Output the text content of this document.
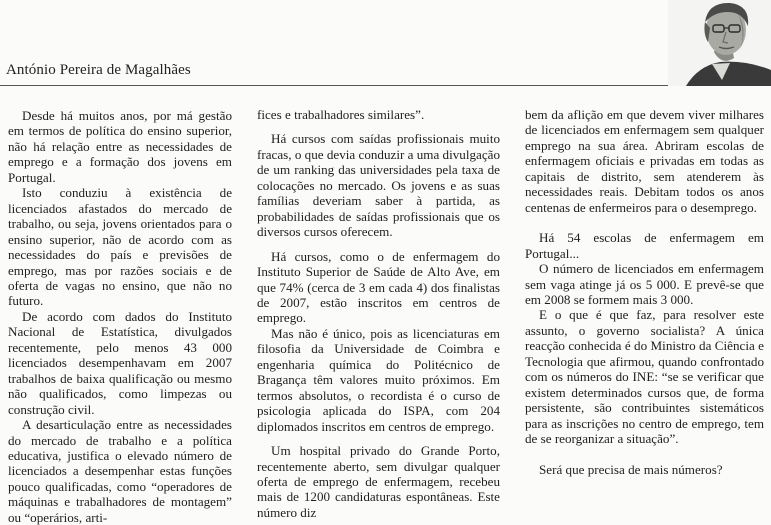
António Pereira de Magalhães

Desde há muitos anos, por má gestão em termos de política do ensino superior, não há relação entre as necessidades de emprego e a formação dos jovens em Portugal.

Isto conduziu à existência de licenciados afastados do mercado de trabalho, ou seja, jovens orientados para o ensino superior, não de acordo com as necessidades do país e previsões de emprego, mas por razões sociais e de oferta de vagas no ensino, que não no futuro.

De acordo com dados do Instituto Nacional de Estatística, divulgados recentemente, pelo menos 43 000 licenciados desempenhavam em 2007 trabalhos de baixa qualificação ou mesmo não qualificados, como limpezas ou construção civil.

A desarticulação entre as necessidades do mercado de trabalho e a política educativa, justifica o elevado número de licenciados a desempenhar estas funções pouco qualificadas, como “operadores de máquinas e trabalhadores de montagem” ou “operários, arti-

fices e trabalhadores similares”.

Há cursos com saídas profissionais muito fracas, o que devia conduzir a uma divulgação de um ranking das universidades pela taxa de colocações no mercado. Os jovens e as suas famílias deveriam saber à partida, as probabilidades de saídas profissionais que os diversos cursos oferecem.

Há cursos, como o de enfermagem do Instituto Superior de Saúde de Alto Ave, em que 74% (cerca de 3 em cada 4) dos finalistas de 2007, estão inscritos em centros de emprego.

Mas não é único, pois as licenciaturas em filosofia da Universidade de Coimbra e engenharia química do Politécnico de Bragança têm valores muito próximos. Em termos absolutos, o recordista é o curso de psicologia aplicada do ISPA, com 204 diplomados inscritos em centros de emprego.

Um hospital privado do Grande Porto, recentemente aberto, sem divulgar qualquer oferta de emprego de enfermagem, recebeu mais de 1200 candidaturas espontâneas. Este número diz

bem da aflição em que devem viver milhares de licenciados em enfermagem sem qualquer emprego na sua área. Abriram escolas de enfermagem oficiais e privadas em todas as capitais de distrito, sem atenderem às necessidades reais. Debitam todos os anos centenas de enfermeiros para o desemprego.

Há 54 escolas de enfermagem em Portugal...

O número de licenciados em enfermagem sem vaga atinge já os 5 000. E prevê-se que em 2008 se formem mais 3 000.

E o que é que faz, para resolver este assunto, o governo socialista? A única reacção conhecida é do Ministro da Ciência e Tecnologia que afirmou, quando confrontado com os números do INE: “se se verificar que existem determinados cursos que, de forma persistente, são contribuintes sistemáticos para as inscrições no centro de emprego, tem de se reorganizar a situação”.

Será que precisa de mais números?
